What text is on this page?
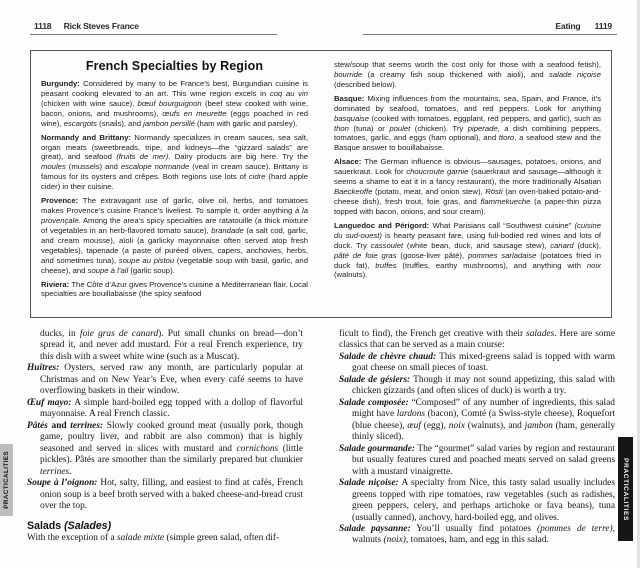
1118 Rick Steves France	Eating 1119
French Specialties by Region

Burgundy: Considered by many to be France’s best, Burgundian cuisine is peasant cooking elevated to an art. This wine region excels in coq au vin (chicken with wine sauce), bœuf bourguignon (beef stew cooked with wine, bacon, onions, and mushrooms), œufs en meurette (eggs poached in red wine), escargots (snails), and jambon persillé (ham with garlic and parsley).

Normandy and Brittany: Normandy specializes in cream sauces, sea salt, organ meats (sweetbreads, tripe, and kidneys—the “gizzard salads” are great), and seafood (fruits de mer). Dairy products are big here. Try the moules (mussels) and escalope normande (veal in cream sauce). Brittany is famous for its oysters and crêpes. Both regions use lots of cidre (hard apple cider) in their cuisine.

Provence: The extravagant use of garlic, olive oil, herbs, and tomatoes makes Provence’s cuisine France’s liveliest. To sample it, order anything à la provençale. Among the area’s spicy specialties are ratatouille (a thick mixture of vegetables in an herb-flavored tomato sauce), brandade (a salt cod, garlic, and cream mousse), aïoli (a garlicky mayonnaise often served atop fresh vegetables), tapenade (a paste of puréed olives, capers, anchovies, herbs, and sometimes tuna), soupe au pistou (vegetable soup with basil, garlic, and cheese), and soupe à l’ail (garlic soup).

Riviera: The Côte d’Azur gives Provence’s cuisine a Mediterranean flair. Local specialties are bouillabaisse (the spicy seafood

stew/soup that seems worth the cost only for those with a seafood fetish), bourride (a creamy fish soup thickened with aioli), and salade niçoise (described below).

Basque: Mixing influences from the mountains, sea, Spain, and France, it’s dominated by seafood, tomatoes, and red peppers. Look for anything basquaise (cooked with tomatoes, eggplant, red peppers, and garlic), such as thon (tuna) or poulet (chicken). Try piperade, a dish combining peppers, tomatoes, garlic, and eggs (ham optional), and ttoro, a seafood stew and the Basque answer to bouillabaisse.

Alsace: The German influence is obvious—sausages, potatoes, onions, and sauerkraut. Look for choucroute garnie (sauerkraut and sausage—although it seems a shame to eat it in a fancy restaurant), the more traditionally Alsatian Baeckeoffe (potato, meat, and onion stew), Rösti (an oven-baked potato-and-cheese dish), fresh trout, foie gras, and flammekueche (a paper-thin pizza topped with bacon, onions, and sour cream).

Languedoc and Périgord: What Parisians call “Southwest cuisine” (cuisine du sud-ouest) is hearty peasant fare, using full-bodied red wines and lots of duck. Try cassoulet (white bean, duck, and sausage stew), canard (duck), pâté de foie gras (goose-liver pâté), pommes sarladaise (potatoes fried in duck fat), truffes (truffles, earthy mushrooms), and anything with noix (walnuts).

ducks, in foie gras de canard). Put small chunks on bread—don’t spread it, and never add mustard. For a real French experience, try this dish with a sweet white wine (such as a Muscat).

Huîtres: Oysters, served raw any month, are particularly popular at Christmas and on New Year’s Eve, when every café seems to have overflowing baskets in their window.

Œuf mayo: A simple hard-boiled egg topped with a dollop of flavorful mayonnaise. A real French classic.

Pâtés and terrines: Slowly cooked ground meat (usually pork, though game, poultry liver, and rabbit are also common) that is highly seasoned and served in slices with mustard and cornichons (little pickles). Pâtés are smoother than the similarly prepared but chunkier terrines.

Soupe à l’oignon: Hot, salty, filling, and easiest to find at cafés, French onion soup is a beef broth served with a baked cheese-and-bread crust over the top.

Salads (Salades)

With the exception of a salade mixte (simple green salad, often dif-

ficult to find), the French get creative with their salades. Here are some classics that can be served as a main course:

Salade de chèvre chaud: This mixed-greens salad is topped with warm goat cheese on small pieces of toast.

Salade de gésiers: Though it may not sound appetizing, this salad with chicken gizzards (and often slices of duck) is worth a try.

Salade composée: “Composed” of any number of ingredients, this salad might have lardons (bacon), Comté (a Swiss-style cheese), Roquefort (blue cheese), œuf (egg), noix (walnuts), and jambon (ham, generally thinly sliced).

Salade gourmande: The “gourmet” salad varies by region and restaurant but usually features cured and poached meats served on salad greens with a mustard vinaigrette.

Salade niçoise: A specialty from Nice, this tasty salad usually includes greens topped with ripe tomatoes, raw vegetables (such as radishes, green peppers, celery, and perhaps artichoke or fava beans), tuna (usually canned), anchovy, hard-boiled egg, and olives.

Salade paysanne: You’ll usually find potatoes (pommes de terre), walnuts (noix), tomatoes, ham, and egg in this salad.

PRACTICALITIES	PRACTICALITIES
